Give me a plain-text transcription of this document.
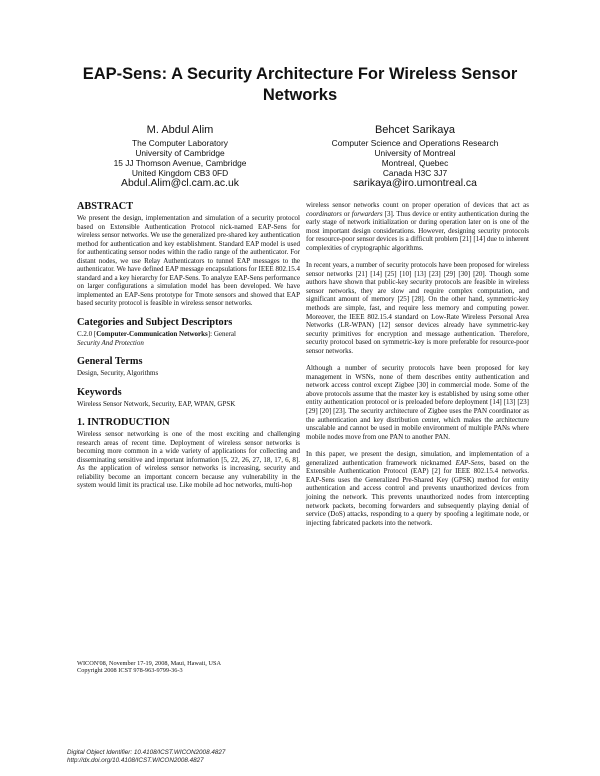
EAP-Sens: A Security Architecture For Wireless Sensor
Networks
M. Abdul Alim
The Computer Laboratory
University of Cambridge
15 JJ Thomson Avenue, Cambridge
United Kingdom CB3 0FD
Abdul.Alim@cl.cam.ac.uk
Behcet Sarikaya
Computer Science and Operations Research
University of Montreal
Montreal, Quebec
Canada H3C 3J7
sarikaya@iro.umontreal.ca
ABSTRACT

We present the design, implementation and simulation of a security protocol based on Extensible Authentication Protocol nick-named EAP-Sens for wireless sensor networks. We use the generalized pre-shared key authentication method for authentication and key establishment. Standard EAP model is used for authenticating sensor nodes within the radio range of the authenticator. For distant nodes, we use Relay Authenticators to tunnel EAP messages to the authenticator. We have defined EAP message encapsulations for IEEE 802.15.4 standard and a key hierarchy for EAP-Sens. To analyze EAP-Sens performance on larger configurations a simulation model has been developed. We have implemented an EAP-Sens prototype for Tmote sensors and showed that EAP based security protocol is feasible in wireless sensor networks.

Categories and Subject Descriptors

C.2.0 [Computer-Communication Networks]: General
Security And Protection

General Terms

Design, Security, Algorithms

Keywords

Wireless Sensor Network, Security, EAP, WPAN, GPSK

1. INTRODUCTION

Wireless sensor networking is one of the most exciting and challenging research areas of recent time. Deployment of wireless sensor networks is becoming more common in a wide variety of applications for collecting and disseminating sensitive and important information [5, 22, 26, 27, 18, 17, 6, 8]. As the application of wireless sensor networks is increasing, security and reliability become an important concern because any vulnerability in the system would limit its practical use. Like mobile ad hoc networks, multi-hop

WICON'08, November 17-19, 2008, Maui, Hawaii, USA
Copyright 2008 ICST 978-963-9799-36-3

wireless sensor networks count on proper operation of devices that act as coordinators or forwarders [3]. Thus device or entity authentication during the early stage of network initialization or during operation later on is one of the most important design considerations. However, designing security protocols for resource-poor sensor devices is a difficult problem [21] [14] due to inherent complexities of cryptographic algorithms.

In recent years, a number of security protocols have been proposed for wireless sensor networks [21] [14] [25] [10] [13] [23] [29] [30] [20]. Though some authors have shown that public-key security protocols are feasible in wireless sensor networks, they are slow and require complex computation, and significant amount of memory [25] [28]. On the other hand, symmetric-key methods are simple, fast, and require less memory and computing power. Moreover, the IEEE 802.15.4 standard on Low-Rate Wireless Personal Area Networks (LR-WPAN) [12] sensor devices already have symmetric-key security primitives for encryption and message authentication. Therefore, security protocol based on symmetric-key is more preferable for resource-poor sensor networks.

Although a number of security protocols have been proposed for key management in WSNs, none of them describes entity authentication and network access control except Zigbee [30] in commercial mode. Some of the above protocols assume that the master key is established by using some other entity authentication protocol or is preloaded before deployment [14] [13] [23] [29] [20] [23]. The security architecture of Zigbee uses the PAN coordinator as the authentication and key distribution center, which makes the architecture unscalable and cannot be used in mobile environment of multiple PANs where mobile nodes move from one PAN to another PAN.

In this paper, we present the design, simulation, and implementation of a generalized authentication framework nicknamed EAP-Sens, based on the Extensible Authentication Protocol (EAP) [2] for IEEE 802.15.4 networks. EAP-Sens uses the Generalized Pre-Shared Key (GPSK) method for entity authentication and access control and prevents unauthorized devices from joining the network. This prevents unauthorized nodes from intercepting network packets, becoming forwarders and subsequently playing denial of service (DoS) attacks, responding to a query by spoofing a legitimate node, or injecting fabricated packets into the network.

Digital Object Identifier: 10.4108/ICST.WICON2008.4827
http://dx.doi.org/10.4108/ICST.WICON2008.4827
